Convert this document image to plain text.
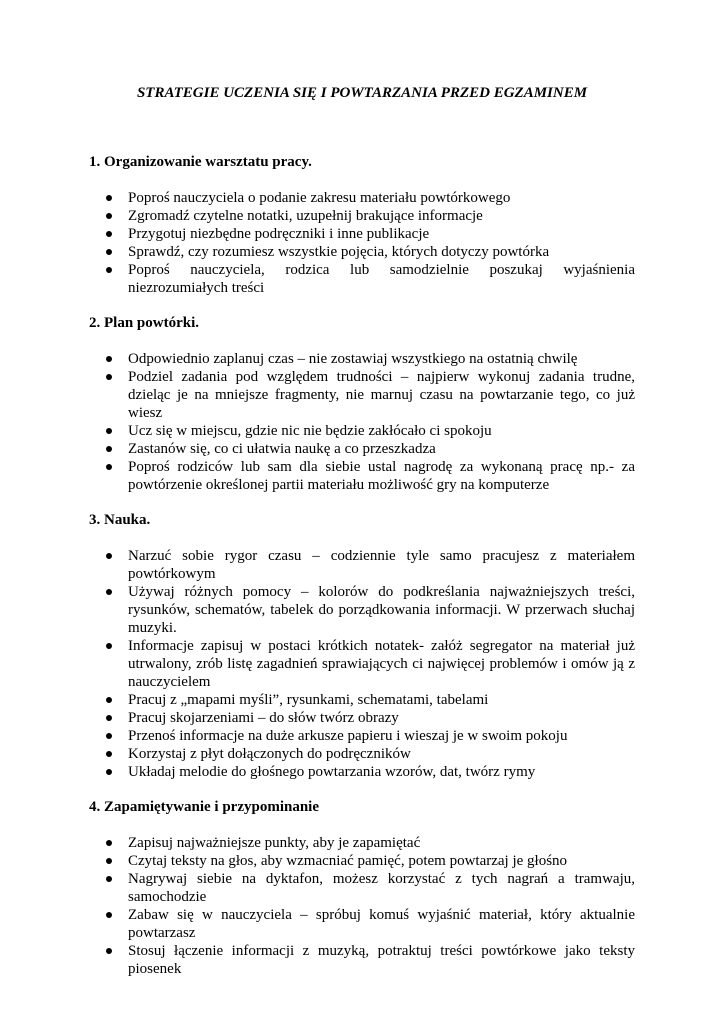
STRATEGIE UCZENIA SIĘ I POWTARZANIA PRZED EGZAMINEM
1. Organizowanie warsztatu pracy.
Poproś nauczyciela o podanie zakresu materiału powtórkowego
Zgromadź czytelne notatki, uzupełnij brakujące informacje
Przygotuj niezbędne podręczniki i inne publikacje
Sprawdź, czy rozumiesz wszystkie pojęcia, których dotyczy powtórka
Poproś nauczyciela, rodzica lub samodzielnie poszukaj wyjaśnienia niezrozumiałych treści
2. Plan powtórki.
Odpowiednio zaplanuj czas – nie zostawiaj wszystkiego na ostatnią chwilę
Podziel zadania pod względem trudności – najpierw wykonuj zadania trudne, dzieląc je na mniejsze fragmenty, nie marnuj czasu na powtarzanie tego, co już wiesz
Ucz się w miejscu, gdzie nic nie będzie zakłócało ci spokoju
Zastanów się, co ci ułatwia naukę a co przeszkadza
Poproś rodziców lub sam dla siebie ustal nagrodę za wykonaną pracę np.- za powtórzenie określonej partii materiału możliwość gry na komputerze
3. Nauka.
Narzuć sobie rygor czasu – codziennie tyle samo pracujesz z materiałem powtórkowym
Używaj różnych pomocy – kolorów do podkreślania najważniejszych treści, rysunków, schematów, tabelek do porządkowania informacji. W przerwach słuchaj muzyki.
Informacje zapisuj w postaci krótkich notatek- załóż segregator na materiał już utrwalony, zrób listę zagadnień sprawiających ci najwięcej problemów i omów ją z nauczycielem
Pracuj z „mapami myśli”, rysunkami, schematami, tabelami
Pracuj skojarzeniami – do słów twórz obrazy
Przenoś informacje na duże arkusze papieru i wieszaj je w swoim pokoju
Korzystaj z płyt dołączonych do podręczników
Układaj melodie do głośnego powtarzania wzorów, dat, twórz rymy
4. Zapamiętywanie i przypominanie
Zapisuj najważniejsze punkty, aby je zapamiętać
Czytaj teksty na głos, aby wzmacniać pamięć, potem powtarzaj je głośno
Nagrywaj siebie na dyktafon, możesz korzystać z tych nagrań a tramwaju, samochodzie
Zabaw się w nauczyciela – spróbuj komuś wyjaśnić materiał, który aktualnie powtarzasz
Stosuj łączenie informacji z muzyką, potraktuj treści powtórkowe jako teksty piosenek
